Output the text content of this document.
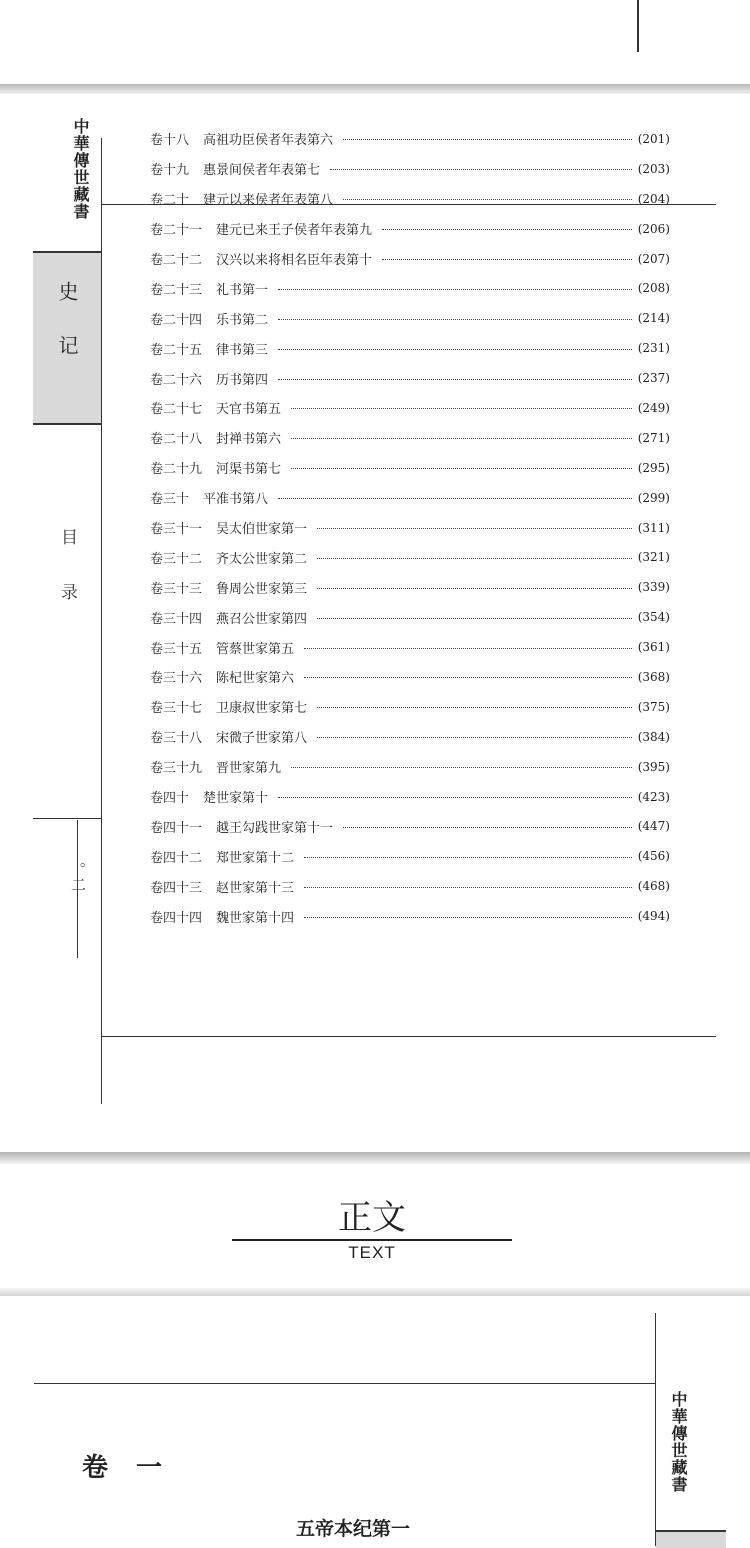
中華傳世藏書
史记
目录
。二
卷十八 高祖功臣侯者年表第六	(201)
卷十九 惠景间侯者年表第七	(203)
卷二十 建元以来侯者年表第八	(204)
卷二十一 建元已来王子侯者年表第九	(206)
卷二十二 汉兴以来将相名臣年表第十	(207)
卷二十三 礼书第一	(208)
卷二十四 乐书第二	(214)
卷二十五 律书第三	(231)
卷二十六 历书第四	(237)
卷二十七 天官书第五	(249)
卷二十八 封禅书第六	(271)
卷二十九 河渠书第七	(295)
卷三十 平准书第八	(299)
卷三十一 吴太伯世家第一	(311)
卷三十二 齐太公世家第二	(321)
卷三十三 鲁周公世家第三	(339)
卷三十四 燕召公世家第四	(354)
卷三十五 管蔡世家第五	(361)
卷三十六 陈杞世家第六	(368)
卷三十七 卫康叔世家第七	(375)
卷三十八 宋微子世家第八	(384)
卷三十九 晋世家第九	(395)
卷四十 楚世家第十	(423)
卷四十一 越王勾践世家第十一	(447)
卷四十二 郑世家第十二	(456)
卷四十三 赵世家第十三	(468)
卷四十四 魏世家第十四	(494)
正文
TEXT
中華傳世藏書
卷一
五帝本纪第一
